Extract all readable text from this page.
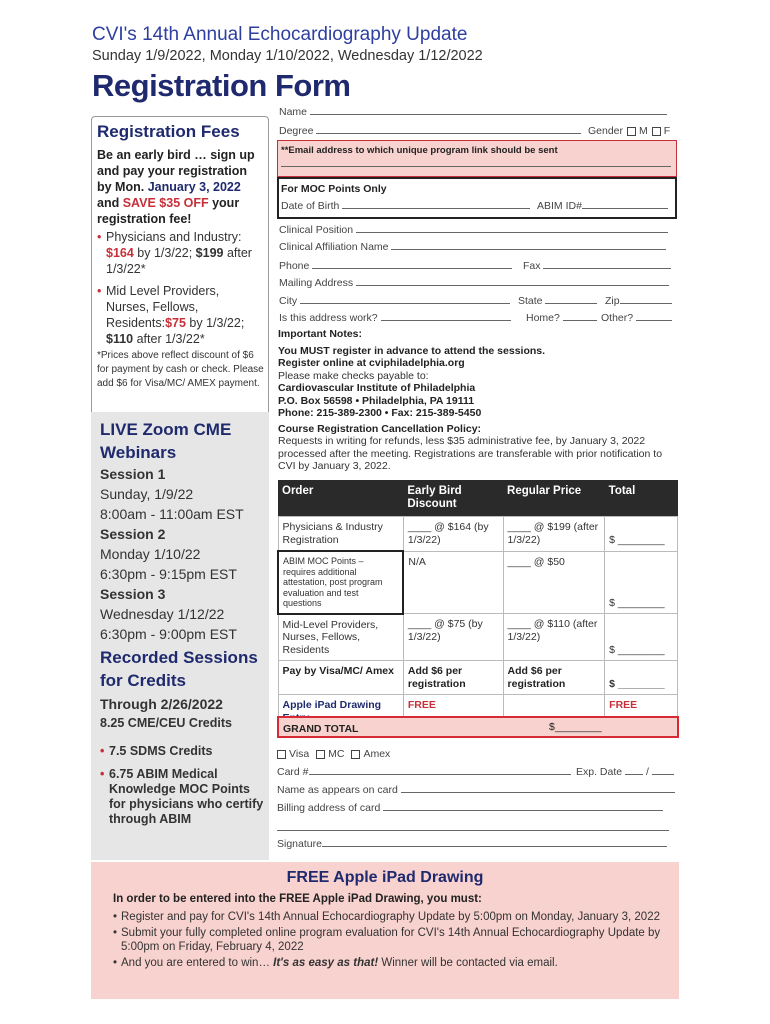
CVI's 14th Annual Echocardiography Update
Sunday 1/9/2022, Monday 1/10/2022, Wednesday 1/12/2022
Registration Form
Registration Fees
Be an early bird … sign up and pay your registration by Mon. January 3, 2022 and SAVE $35 OFF your registration fee!
• Physicians and Industry: $164 by 1/3/22; $199 after 1/3/22*
• Mid Level Providers, Nurses, Fellows, Residents:$75 by 1/3/22; $110 after 1/3/22*
*Prices above reflect discount of $6 for payment by cash or check. Please add $6 for Visa/MC/ AMEX payment.
LIVE Zoom CME Webinars
Session 1
Sunday, 1/9/22
8:00am - 11:00am EST
Session 2
Monday 1/10/22
6:30pm - 9:15pm EST
Session 3
Wednesday 1/12/22
6:30pm - 9:00pm EST
Recorded Sessions for Credits
Through 2/26/2022
8.25 CME/CEU Credits
• 7.5 SDMS Credits
• 6.75 ABIM Medical Knowledge MOC Points for physicians who certify through ABIM
Name
Degree	Gender M F
**Email address to which unique program link should be sent
For MOC Points Only
Date of Birth	ABIM ID#
Clinical Position
Clinical Affiliation Name
Phone	Fax
Mailing Address
City	State	Zip
Is this address work?	Home?	Other?
Important Notes:
You MUST register in advance to attend the sessions.
Register online at cviphiladelphia.org
Please make checks payable to:
Cardiovascular Institute of Philadelphia
P.O. Box 56598 • Philadelphia, PA 19111
Phone: 215-389-2300 • Fax: 215-389-5450
Course Registration Cancellation Policy:
Requests in writing for refunds, less $35 administrative fee, by January 3, 2022 processed after the meeting. Registrations are transferable with prior notification to CVI by January 3, 2022.
Order	Early Bird Discount	Regular Price	Total
Physicians & Industry Registration	____ @ $164 (by 1/3/22)	____ @ $199 (after 1/3/22)	$ ________
ABIM MOC Points – requires additional attestation, post program evaluation and test questions	N/A	____ @ $50	$ ________
Mid-Level Providers, Nurses, Fellows, Residents	____ @ $75 (by 1/3/22)	____ @ $110 (after 1/3/22)	$ ________
Pay by Visa/MC/ Amex	Add $6 per registration	Add $6 per registration	$ ________
Apple iPad Drawing	FREE		FREE
GRAND TOTAL	$________
Visa MC Amex
Card #	Exp. Date  /
Name as appears on card
Billing address of card
Signature
FREE Apple iPad Drawing
In order to be entered into the FREE Apple iPad Drawing, you must:
• Register and pay for CVI's 14th Annual Echocardiography Update by 5:00pm on Monday, January 3, 2022
• Submit your fully completed online program evaluation for CVI's 14th Annual Echocardiography Update by 5:00pm on Friday, February 4, 2022
• And you are entered to win… It's as easy as that! Winner will be contacted via email.
